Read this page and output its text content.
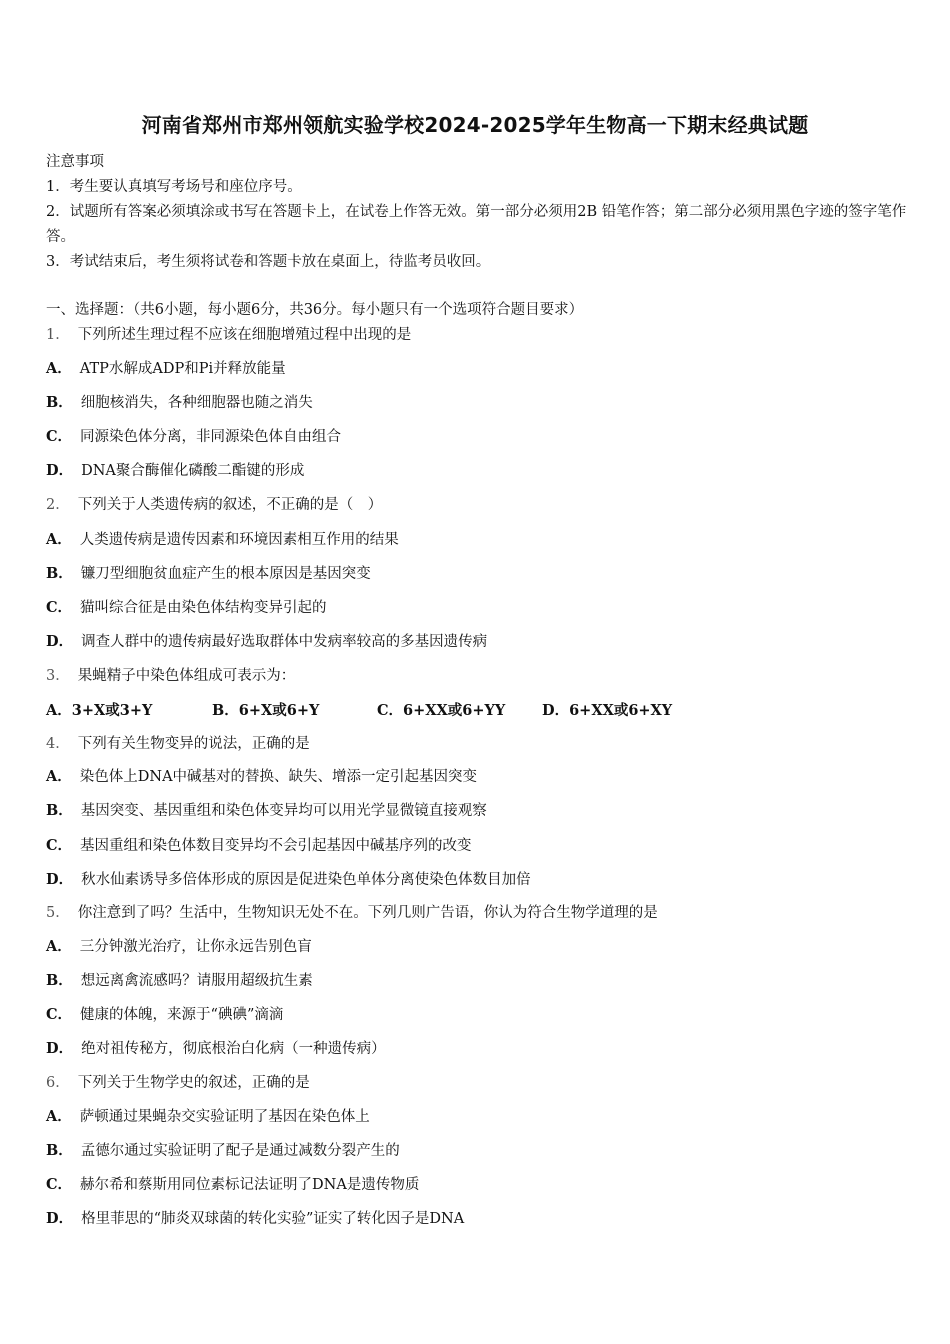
河南省郑州市郑州领航实验学校2024-2025学年生物高一下期末经典试题
注意事项
1．考生要认真填写考场号和座位序号。
2．试题所有答案必须填涂或书写在答题卡上，在试卷上作答无效。第一部分必须用2B 铅笔作答；第二部分必须用黑色字迹的签字笔作答。
3．考试结束后，考生须将试卷和答题卡放在桌面上，待监考员收回。
一、选择题：（共6小题，每小题6分，共36分。每小题只有一个选项符合题目要求）
1． 下列所述生理过程不应该在细胞增殖过程中出现的是
A． ATP水解成ADP和Pi并释放能量
B． 细胞核消失，各种细胞器也随之消失
C． 同源染色体分离，非同源染色体自由组合
D． DNA聚合酶催化磷酸二酯键的形成
2． 下列关于人类遗传病的叙述，不正确的是（　）
A． 人类遗传病是遗传因素和环境因素相互作用的结果
B． 镰刀型细胞贫血症产生的根本原因是基因突变
C． 猫叫综合征是由染色体结构变异引起的
D． 调查人群中的遗传病最好选取群体中发病率较高的多基因遗传病
3． 果蝇精子中染色体组成可表示为：
A．3+X或3+Y	B．6+X或6+Y	C．6+XX或6+YY	D．6+XX或6+XY
4． 下列有关生物变异的说法，正确的是
A． 染色体上DNA中碱基对的替换、缺失、增添一定引起基因突变
B． 基因突变、基因重组和染色体变异均可以用光学显微镜直接观察
C． 基因重组和染色体数目变异均不会引起基因中碱基序列的改变
D． 秋水仙素诱导多倍体形成的原因是促进染色单体分离使染色体数目加倍
5． 你注意到了吗？生活中，生物知识无处不在。下列几则广告语，你认为符合生物学道理的是
A． 三分钟激光治疗，让你永远告别色盲
B． 想远离禽流感吗？请服用超级抗生素
C． 健康的体魄，来源于“碘碘”滴滴
D． 绝对祖传秘方，彻底根治白化病（一种遗传病）
6． 下列关于生物学史的叙述，正确的是
A． 萨顿通过果蝇杂交实验证明了基因在染色体上
B． 孟德尔通过实验证明了配子是通过减数分裂产生的
C． 赫尔希和蔡斯用同位素标记法证明了DNA是遗传物质
D． 格里菲思的“肺炎双球菌的转化实验”证实了转化因子是DNA
